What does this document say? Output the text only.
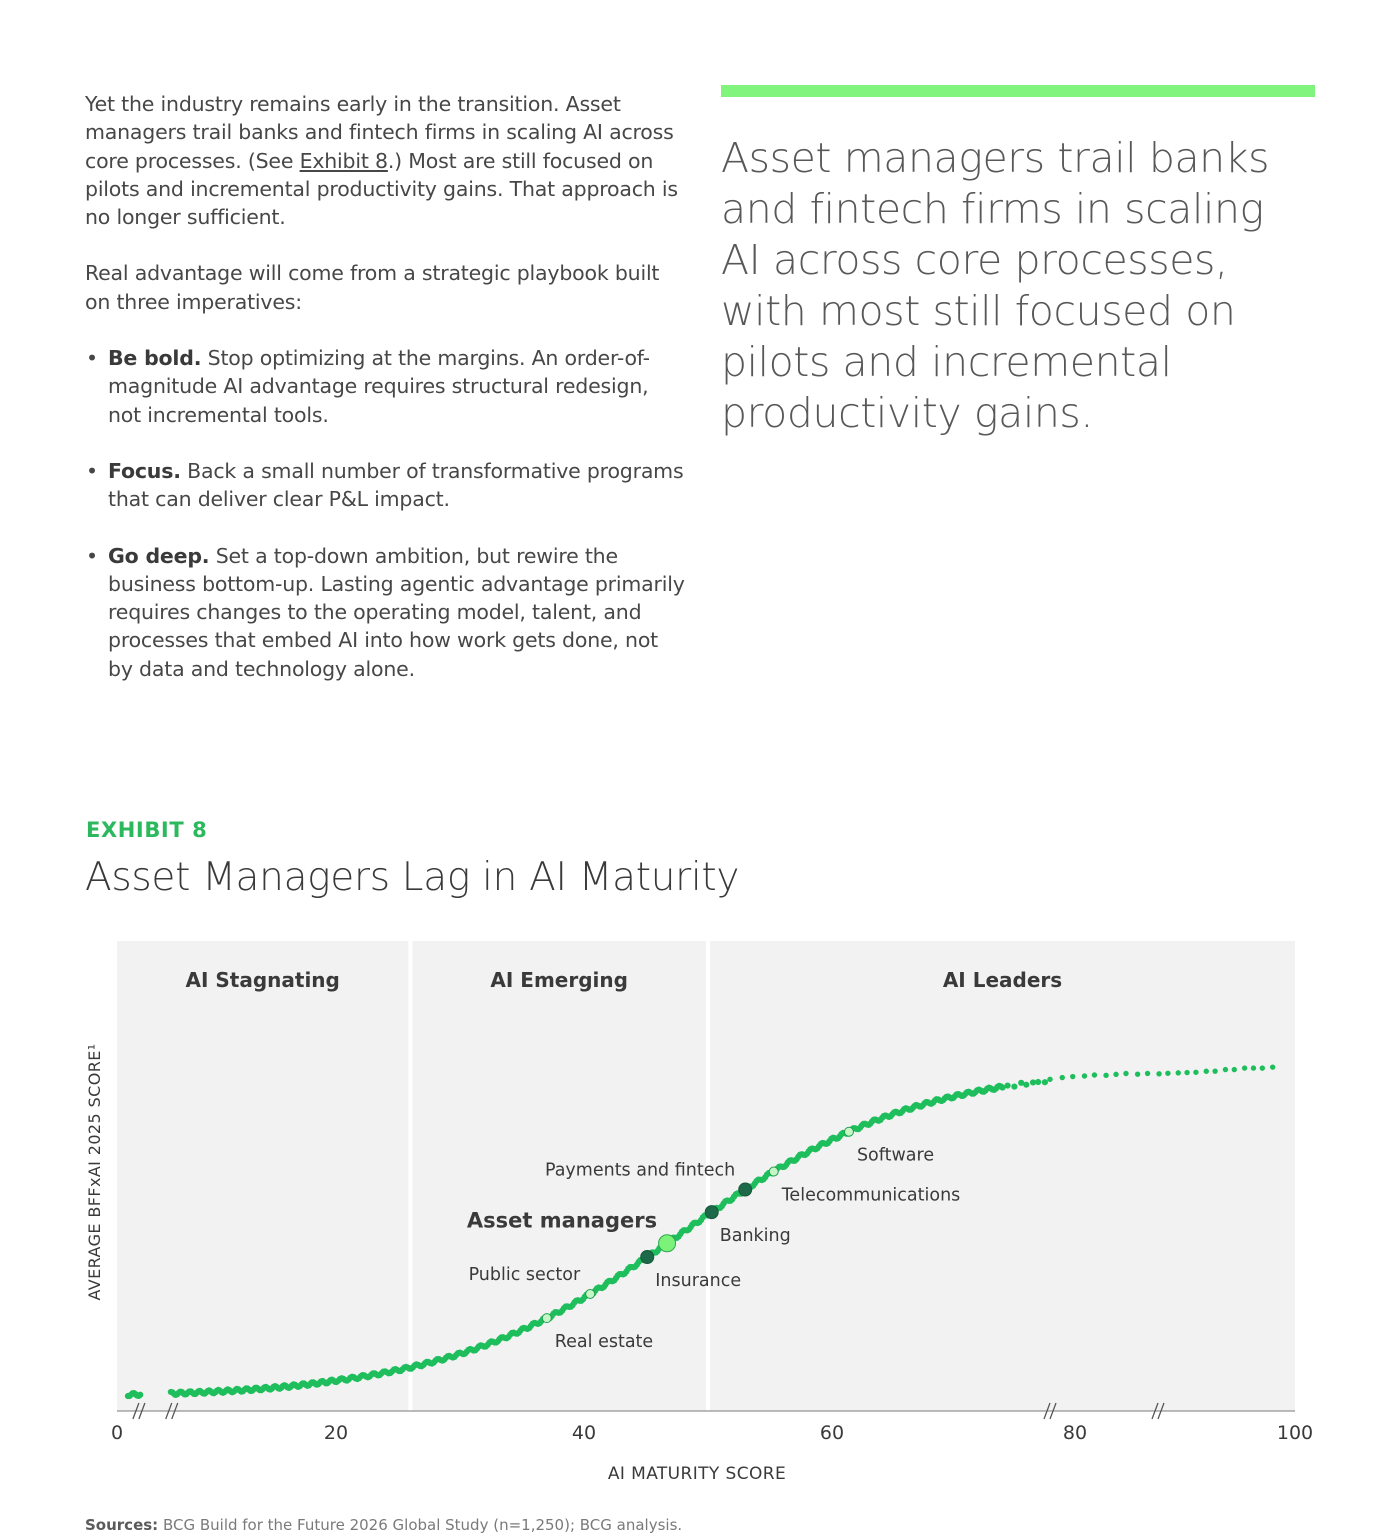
Yet the industry remains early in the transition. Asset managers trail banks and fintech firms in scaling AI across core processes. (See Exhibit 8.) Most are still focused on pilots and incremental productivity gains. That approach is no longer sufficient.

Real advantage will come from a strategic playbook built on three imperatives:

• Be bold. Stop optimizing at the margins. An order-of-magnitude AI advantage requires structural redesign, not incremental tools.
• Focus. Back a small number of transformative programs that can deliver clear P&L impact.
• Go deep. Set a top-down ambition, but rewire the business bottom-up. Lasting agentic advantage primarily requires changes to the operating model, talent, and processes that embed AI into how work gets done, not by data and technology alone.
Asset managers trail banks and fintech firms in scaling AI across core processes, with most still focused on pilots and incremental productivity gains.
EXHIBIT 8
Asset Managers Lag in AI Maturity
AI Stagnating	AI Emerging	AI Leaders
Real estate
Public sector	Insurance
Asset managers
Banking
Payments and fintech
Telecommunications
Software
0	20	40	60	80	100
AI MATURITY SCORE
AVERAGE BFFxAI 2025 SCORE¹
Sources: BCG Build for the Future 2026 Global Study (n=1,250); BCG analysis.
